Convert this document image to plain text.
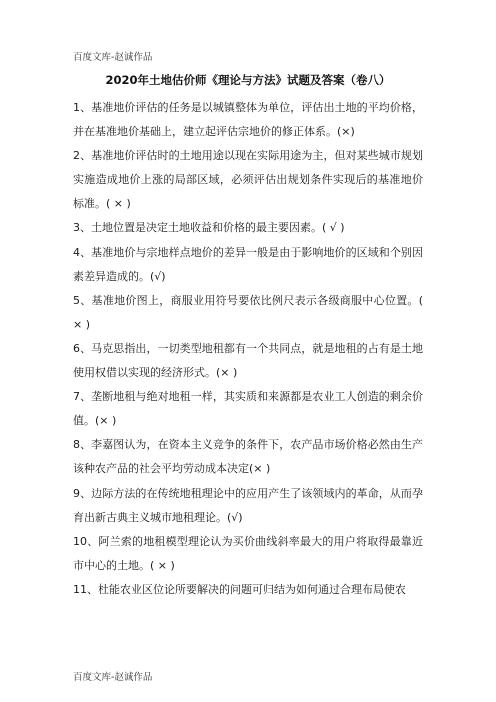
百度文库-赵诚作品
2020年土地估价师《理论与方法》试题及答案（卷八）

1、基准地价评估的任务是以城镇整体为单位，评估出土地的平均价格，并在基准地价基础上，建立起评估宗地价的修正体系。(×)

2、基准地价评估时的土地用途以现在实际用途为主，但对某些城市规划实施造成地价上涨的局部区域，必须评估出规划条件实现后的基准地价标准。( × )

3、土地位置是决定土地收益和价格的最主要因素。( √ )

4、基准地价与宗地样点地价的差异一般是由于影响地价的区域和个别因素差异造成的。(√)

5、基准地价图上，商服业用符号要依比例尺表示各级商服中心位置。( × )

6、马克思指出，一切类型地租都有一个共同点，就是地租的占有是土地使用权借以实现的经济形式。(× )

7、垄断地租与绝对地租一样，其实质和来源都是农业工人创造的剩余价值。(× )

8、李嘉图认为，在资本主义竞争的条件下，农产品市场价格必然由生产该种农产品的社会平均劳动成本决定(× )

9、边际方法的在传统地租理论中的应用产生了该领域内的革命，从而孕育出新古典主义城市地租理论。(√)

10、阿兰索的地租模型理论认为买价曲线斜率最大的用户将取得最靠近市中心的土地。( × )

11、杜能农业区位论所要解决的问题可归结为如何通过合理布局使农

百度文库-赵诚作品
